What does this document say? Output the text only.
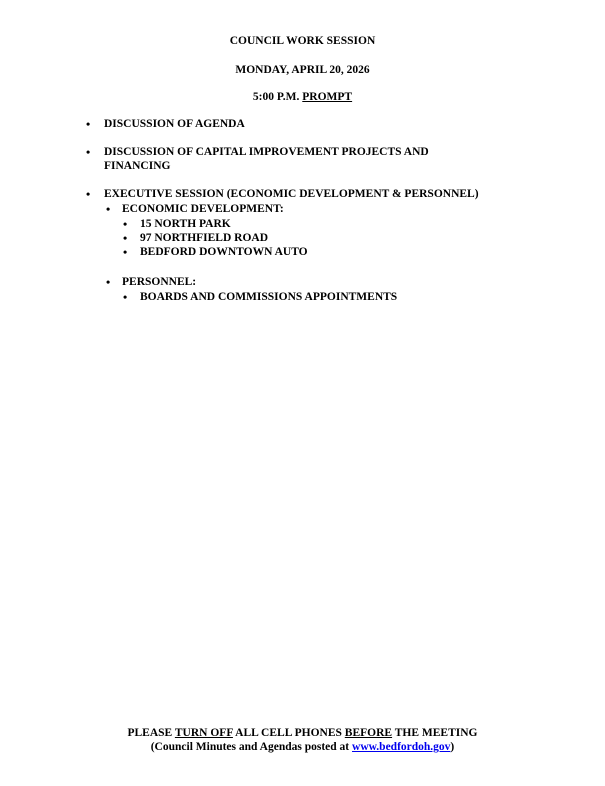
COUNCIL WORK SESSION
MONDAY, APRIL 20, 2026
5:00 P.M. PROMPT
• DISCUSSION OF AGENDA
• DISCUSSION OF CAPITAL IMPROVEMENT PROJECTS AND
FINANCING
• EXECUTIVE SESSION (ECONOMIC DEVELOPMENT & PERSONNEL)
• ECONOMIC DEVELOPMENT:
• 15 NORTH PARK
• 97 NORTHFIELD ROAD
• BEDFORD DOWNTOWN AUTO
• PERSONNEL:
• BOARDS AND COMMISSIONS APPOINTMENTS
PLEASE TURN OFF ALL CELL PHONES BEFORE THE MEETING
(Council Minutes and Agendas posted at www.bedfordoh.gov)
